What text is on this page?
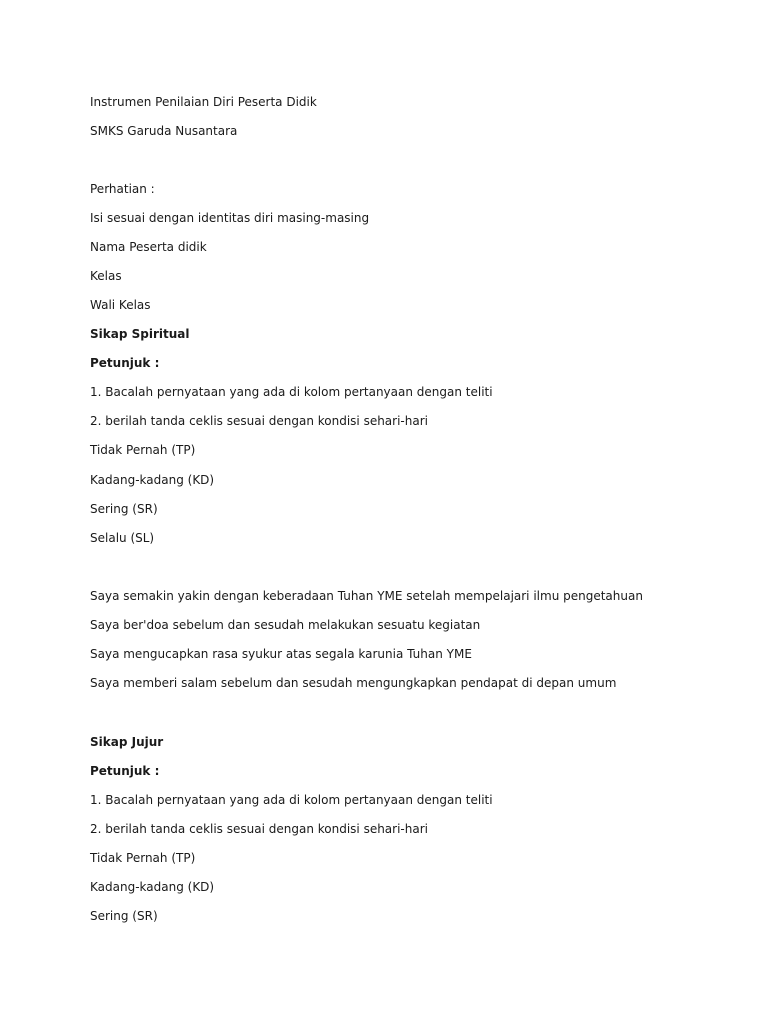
Instrumen Penilaian Diri Peserta Didik

SMKS Garuda Nusantara

Perhatian :

Isi sesuai dengan identitas diri masing-masing

Nama Peserta didik

Kelas

Wali Kelas

Sikap Spiritual

Petunjuk :

1. Bacalah pernyataan yang ada di kolom pertanyaan dengan teliti

2. berilah tanda ceklis sesuai dengan kondisi sehari-hari

Tidak Pernah (TP)

Kadang-kadang (KD)

Sering (SR)

Selalu (SL)

Saya semakin yakin dengan keberadaan Tuhan YME setelah mempelajari ilmu pengetahuan

Saya ber'doa sebelum dan sesudah melakukan sesuatu kegiatan

Saya mengucapkan rasa syukur atas segala karunia Tuhan YME

Saya memberi salam sebelum dan sesudah mengungkapkan pendapat di depan umum

Sikap Jujur

Petunjuk :

1. Bacalah pernyataan yang ada di kolom pertanyaan dengan teliti

2. berilah tanda ceklis sesuai dengan kondisi sehari-hari

Tidak Pernah (TP)

Kadang-kadang (KD)

Sering (SR)
